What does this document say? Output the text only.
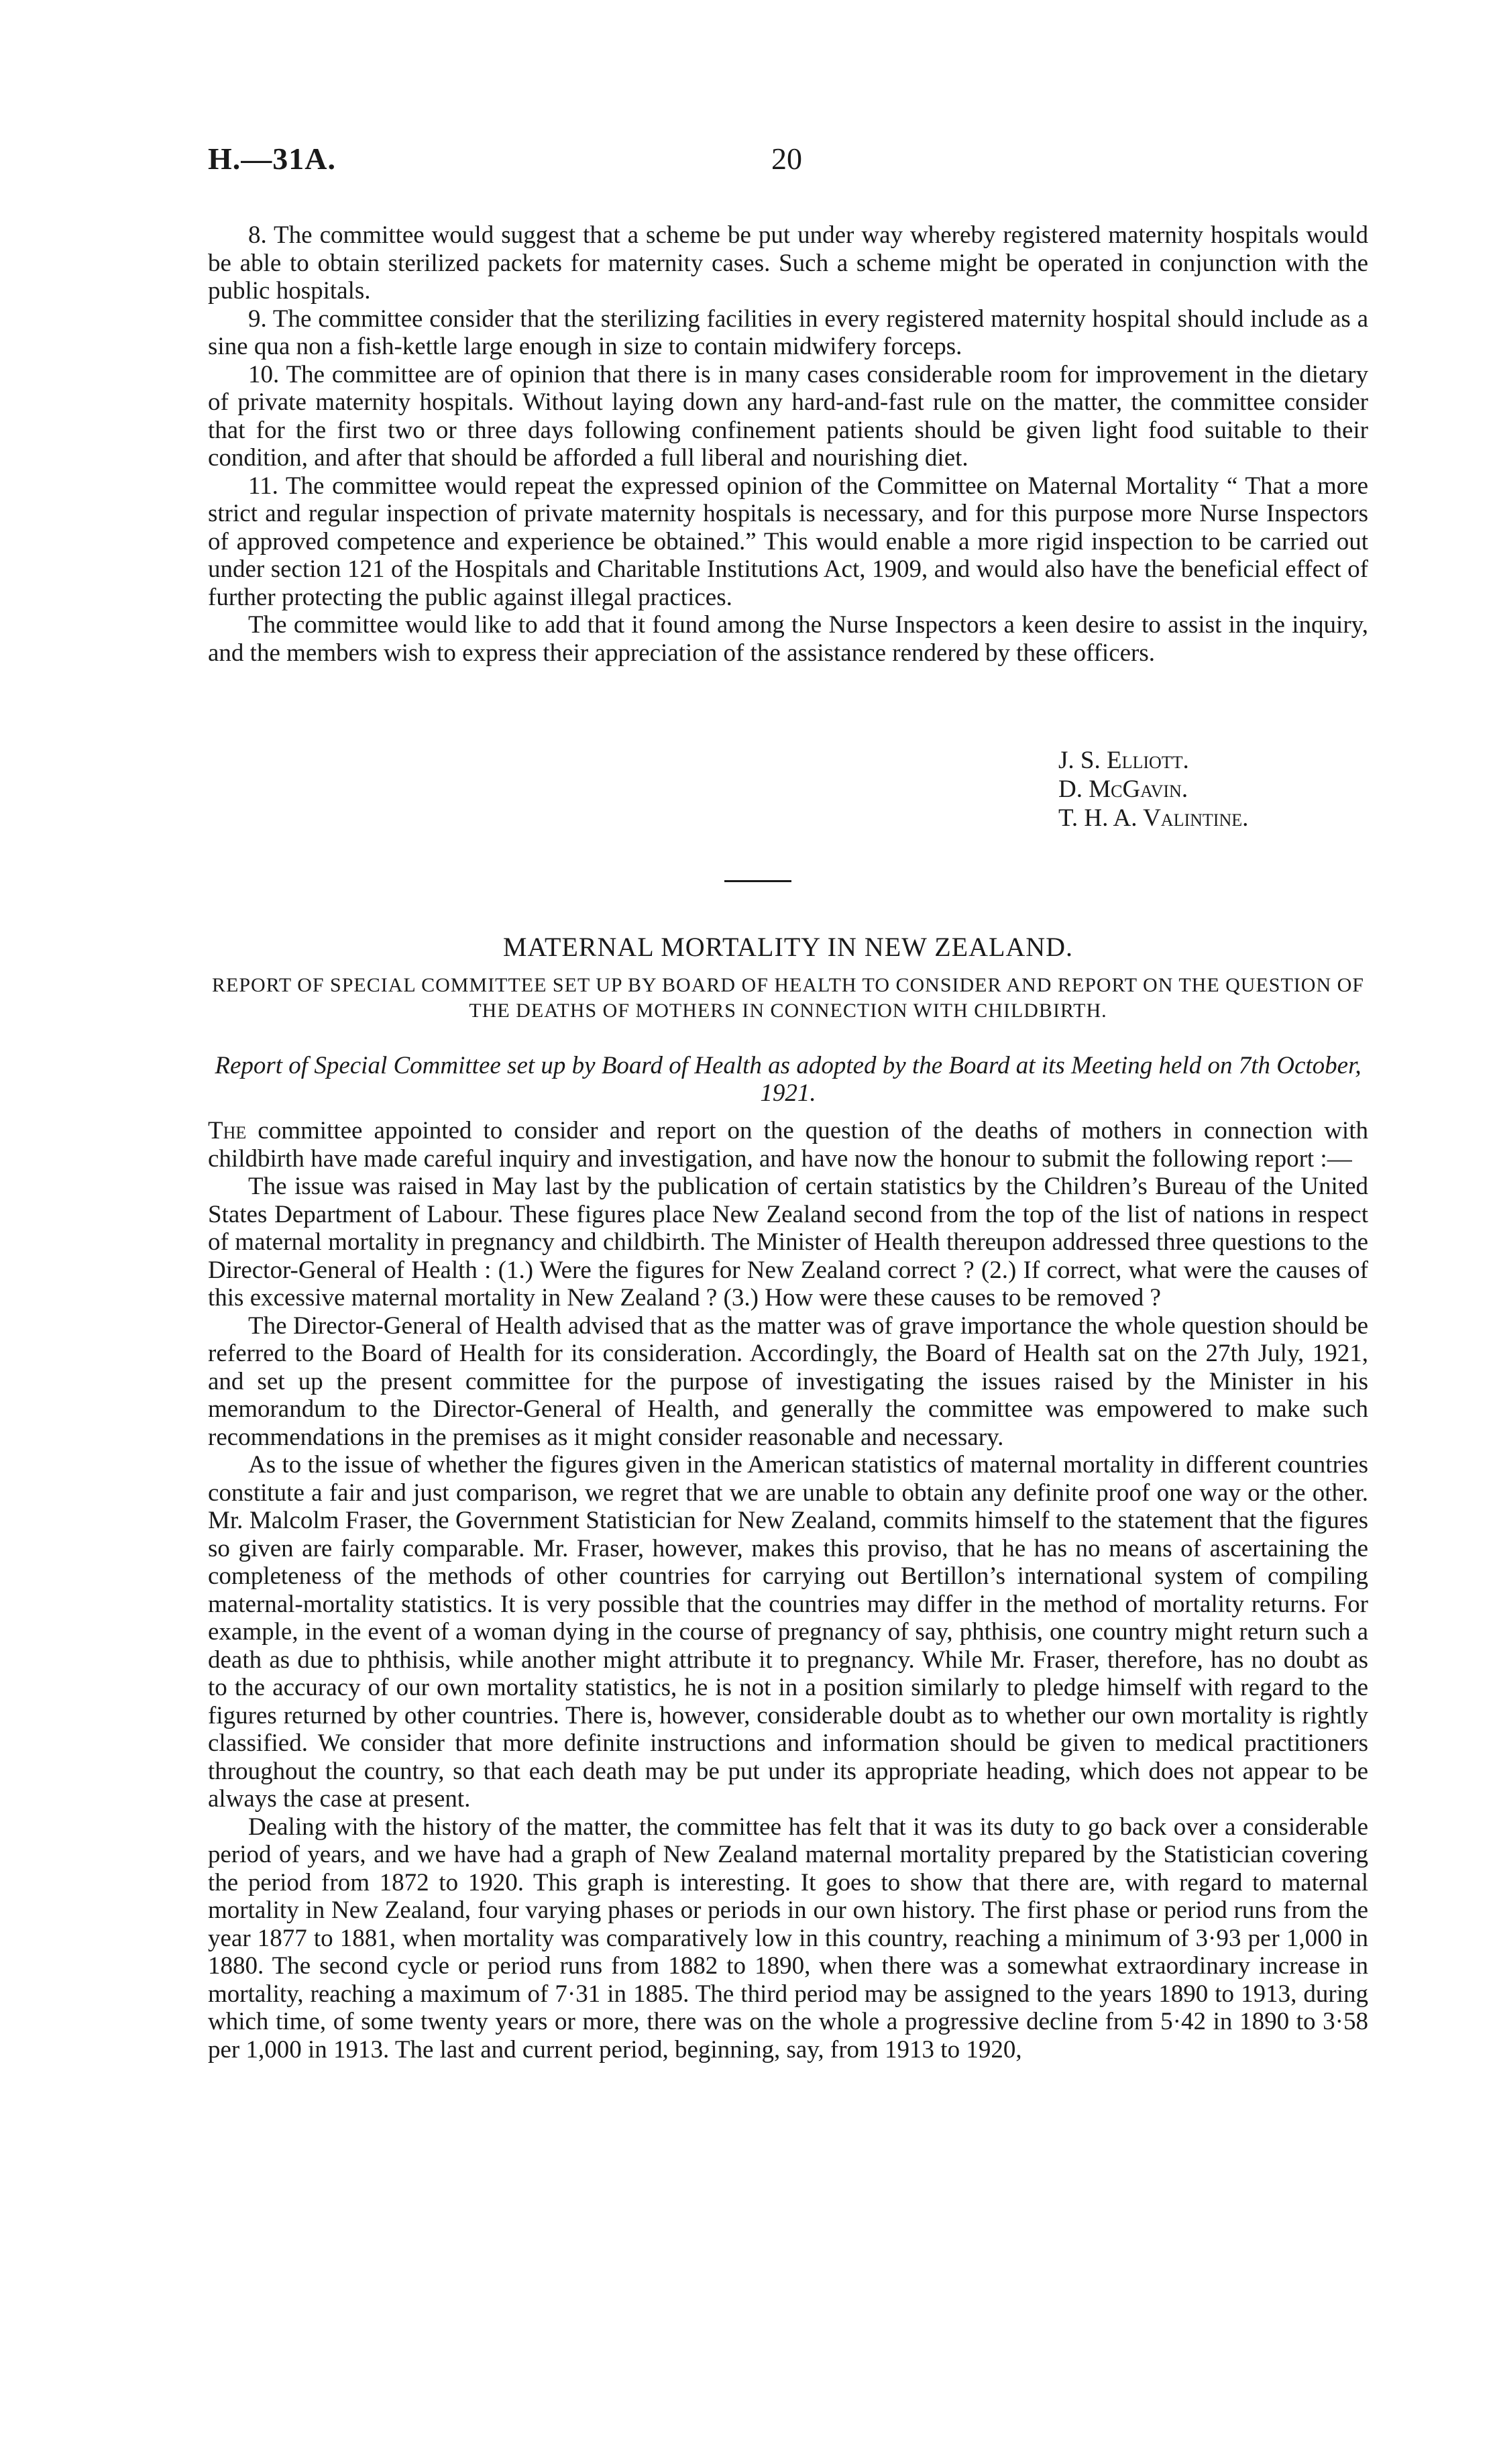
H.—31A.	20

8. The committee would suggest that a scheme be put under way whereby registered maternity hospitals would be able to obtain sterilized packets for maternity cases. Such a scheme might be operated in conjunction with the public hospitals.

9. The committee consider that the sterilizing facilities in every registered maternity hospital should include as a sine qua non a fish-kettle large enough in size to contain midwifery forceps.

10. The committee are of opinion that there is in many cases considerable room for improvement in the dietary of private maternity hospitals. Without laying down any hard-and-fast rule on the matter, the committee consider that for the first two or three days following confinement patients should be given light food suitable to their condition, and after that should be afforded a full liberal and nourishing diet.

11. The committee would repeat the expressed opinion of the Committee on Maternal Mortality “ That a more strict and regular inspection of private maternity hospitals is necessary, and for this purpose more Nurse Inspectors of approved competence and experience be obtained.” This would enable a more rigid inspection to be carried out under section 121 of the Hospitals and Charitable Institutions Act, 1909, and would also have the beneficial effect of further protecting the public against illegal practices.

The committee would like to add that it found among the Nurse Inspectors a keen desire to assist in the inquiry, and the members wish to express their appreciation of the assistance rendered by these officers.

J. S. Elliott.
D. McGavin.
T. H. A. Valintine.
MATERNAL MORTALITY IN NEW ZEALAND.
REPORT OF SPECIAL COMMITTEE SET UP BY BOARD OF HEALTH TO CONSIDER AND REPORT ON THE QUESTION OF THE DEATHS OF MOTHERS IN CONNECTION WITH CHILDBIRTH.
Report of Special Committee set up by Board of Health as adopted by the Board at its Meeting held on 7th October, 1921.

The committee appointed to consider and report on the question of the deaths of mothers in connection with childbirth have made careful inquiry and investigation, and have now the honour to submit the following report :—

The issue was raised in May last by the publication of certain statistics by the Children’s Bureau of the United States Department of Labour. These figures place New Zealand second from the top of the list of nations in respect of maternal mortality in pregnancy and childbirth. The Minister of Health thereupon addressed three questions to the Director-General of Health : (1.) Were the figures for New Zealand correct ? (2.) If correct, what were the causes of this excessive maternal mortality in New Zealand ? (3.) How were these causes to be removed ?

The Director-General of Health advised that as the matter was of grave importance the whole question should be referred to the Board of Health for its consideration. Accordingly, the Board of Health sat on the 27th July, 1921, and set up the present committee for the purpose of investigating the issues raised by the Minister in his memorandum to the Director-General of Health, and generally the committee was empowered to make such recommendations in the premises as it might consider reasonable and necessary.

As to the issue of whether the figures given in the American statistics of maternal mortality in different countries constitute a fair and just comparison, we regret that we are unable to obtain any definite proof one way or the other. Mr. Malcolm Fraser, the Government Statistician for New Zealand, commits himself to the statement that the figures so given are fairly comparable. Mr. Fraser, however, makes this proviso, that he has no means of ascertaining the completeness of the methods of other countries for carrying out Bertillon’s international system of compiling maternal-mortality statistics. It is very possible that the countries may differ in the method of mortality returns. For example, in the event of a woman dying in the course of pregnancy of say, phthisis, one country might return such a death as due to phthisis, while another might attribute it to pregnancy. While Mr. Fraser, therefore, has no doubt as to the accuracy of our own mortality statistics, he is not in a position similarly to pledge himself with regard to the figures returned by other countries. There is, however, considerable doubt as to whether our own mortality is rightly classified. We consider that more definite instructions and information should be given to medical practitioners throughout the country, so that each death may be put under its appropriate heading, which does not appear to be always the case at present.

Dealing with the history of the matter, the committee has felt that it was its duty to go back over a considerable period of years, and we have had a graph of New Zealand maternal mortality prepared by the Statistician covering the period from 1872 to 1920. This graph is interesting. It goes to show that there are, with regard to maternal mortality in New Zealand, four varying phases or periods in our own history. The first phase or period runs from the year 1877 to 1881, when mortality was comparatively low in this country, reaching a minimum of 3·93 per 1,000 in 1880. The second cycle or period runs from 1882 to 1890, when there was a somewhat extraordinary increase in mortality, reaching a maximum of 7·31 in 1885. The third period may be assigned to the years 1890 to 1913, during which time, of some twenty years or more, there was on the whole a progressive decline from 5·42 in 1890 to 3·58 per 1,000 in 1913. The last and current period, beginning, say, from 1913 to 1920,
